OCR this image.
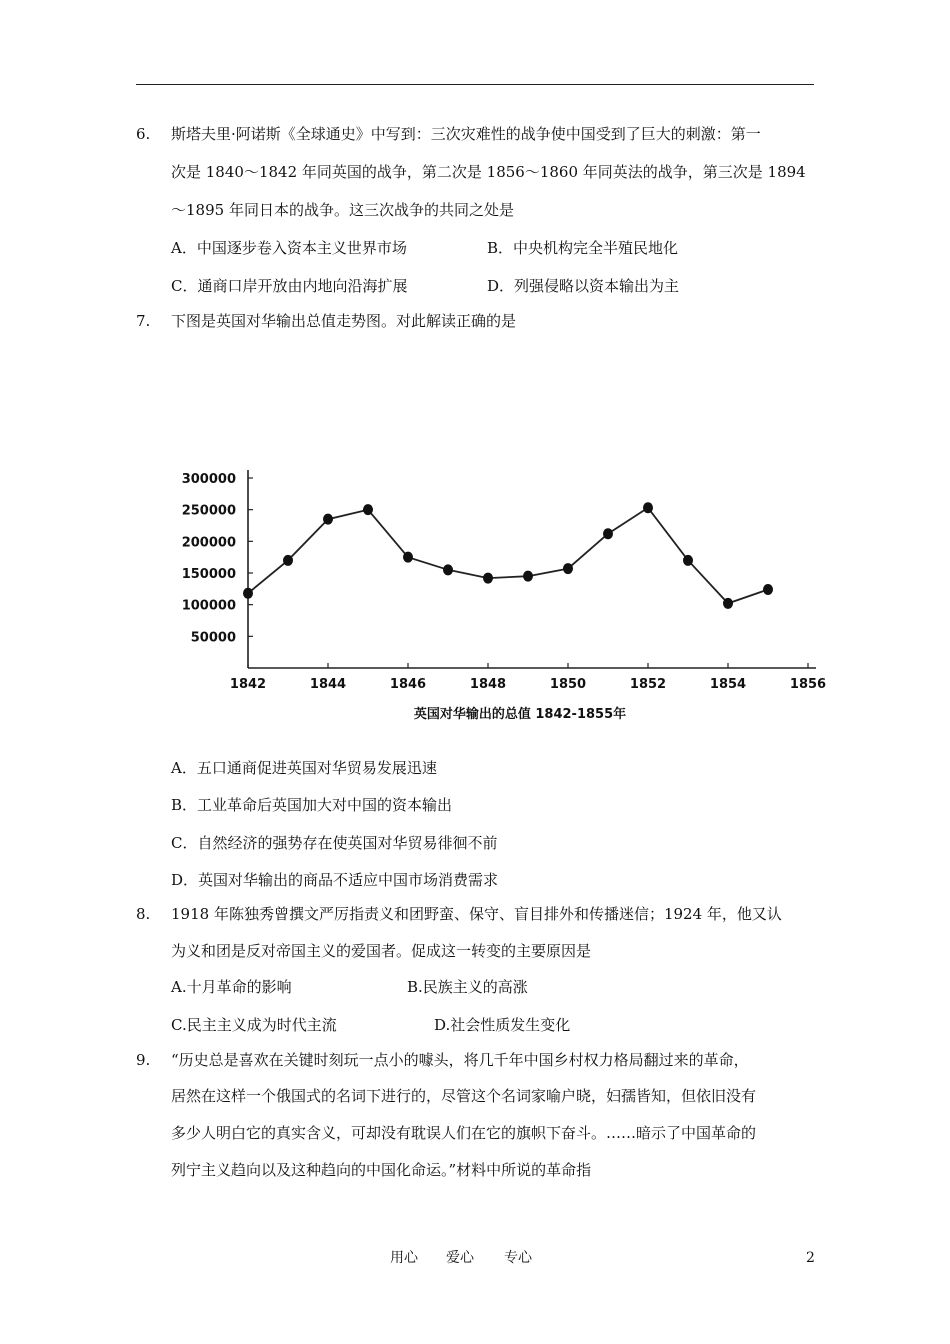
6. 斯塔夫里·阿诺斯《全球通史》中写到：三次灾难性的战争使中国受到了巨大的刺激：第一
次是 1840～1842 年同英国的战争，第二次是 1856～1860 年同英法的战争，第三次是 1894
～1895 年同日本的战争。这三次战争的共同之处是
A．中国逐步卷入资本主义世界市场	B．中央机构完全半殖民地化
C．通商口岸开放由内地向沿海扩展	D．列强侵略以资本输出为主
7. 下图是英国对华输出总值走势图。对此解读正确的是
300000
250000
200000
150000
100000
50000
1842	1844	1846	1848	1850	1852	1854	1856
英国对华输出的总值 1842-1855年
A．五口通商促进英国对华贸易发展迅速
B．工业革命后英国加大对中国的资本输出
C．自然经济的强势存在使英国对华贸易徘徊不前
D．英国对华输出的商品不适应中国市场消费需求
8. 1918 年陈独秀曾撰文严厉指责义和团野蛮、保守、盲目排外和传播迷信；1924 年，他又认
为义和团是反对帝国主义的爱国者。促成这一转变的主要原因是
A.十月革命的影响	B.民族主义的高涨
C.民主主义成为时代主流	D.社会性质发生变化
9. “历史总是喜欢在关键时刻玩一点小的噱头，将几千年中国乡村权力格局翻过来的革命，
居然在这样一个俄国式的名词下进行的，尽管这个名词家喻户晓，妇孺皆知，但依旧没有
多少人明白它的真实含义，可却没有耽误人们在它的旗帜下奋斗。……暗示了中国革命的
列宁主义趋向以及这种趋向的中国化命运。”材料中所说的革命指
用心 爱心 专心	2
